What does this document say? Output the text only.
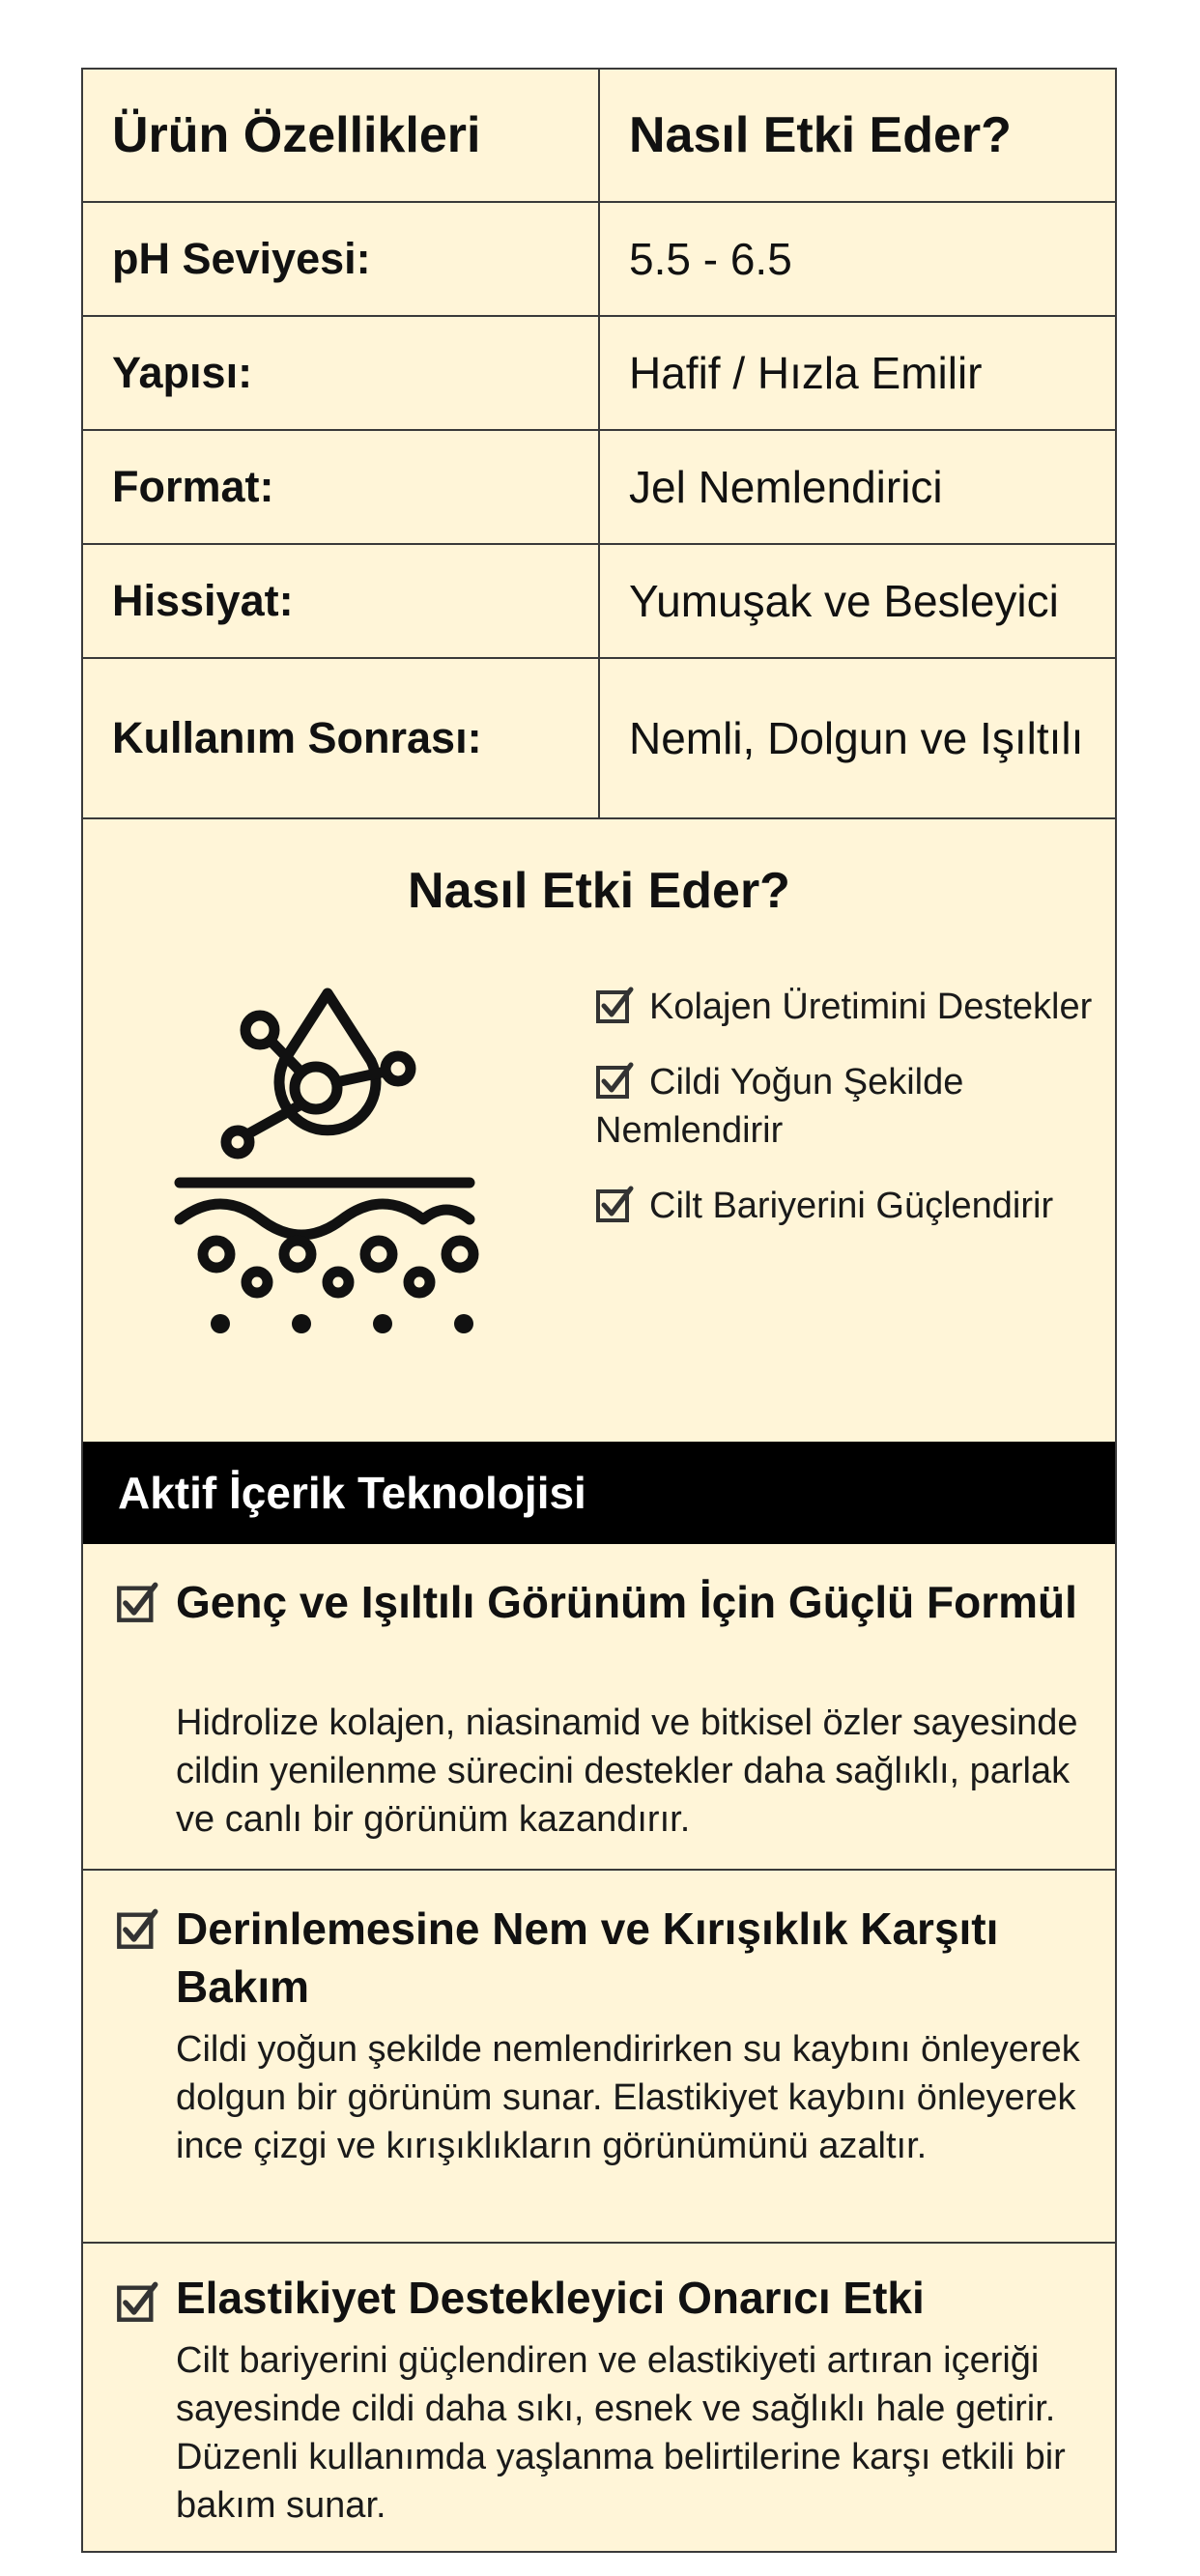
Ürün Özellikleri	Nasıl Etki Eder?
pH Seviyesi:	5.5 - 6.5
Yapısı:	Hafif / Hızla Emilir
Format:	Jel Nemlendirici
Hissiyat:	Yumuşak ve Besleyici
Kullanım Sonrası:	Nemli, Dolgun ve Işıltılı
Nasıl Etki Eder?
Kolajen Üretimini Destekler
Cildi Yoğun Şekilde Nemlendirir
Cilt Bariyerini Güçlendirir
Aktif İçerik Teknolojisi
Genç ve Işıltılı Görünüm İçin Güçlü Formül
Hidrolize kolajen, niasinamid ve bitkisel özler sayesinde cildin yenilenme sürecini destekler daha sağlıklı, parlak ve canlı bir görünüm kazandırır.
Derinlemesine Nem ve Kırışıklık Karşıtı Bakım
Cildi yoğun şekilde nemlendirirken su kaybını önleyerek dolgun bir görünüm sunar. Elastikiyet kaybını önleyerek ince çizgi ve kırışıklıkların görünümünü azaltır.
Elastikiyet Destekleyici Onarıcı Etki
Cilt bariyerini güçlendiren ve elastikiyeti artıran içeriği sayesinde cildi daha sıkı, esnek ve sağlıklı hale getirir. Düzenli kullanımda yaşlanma belirtilerine karşı etkili bir bakım sunar.
